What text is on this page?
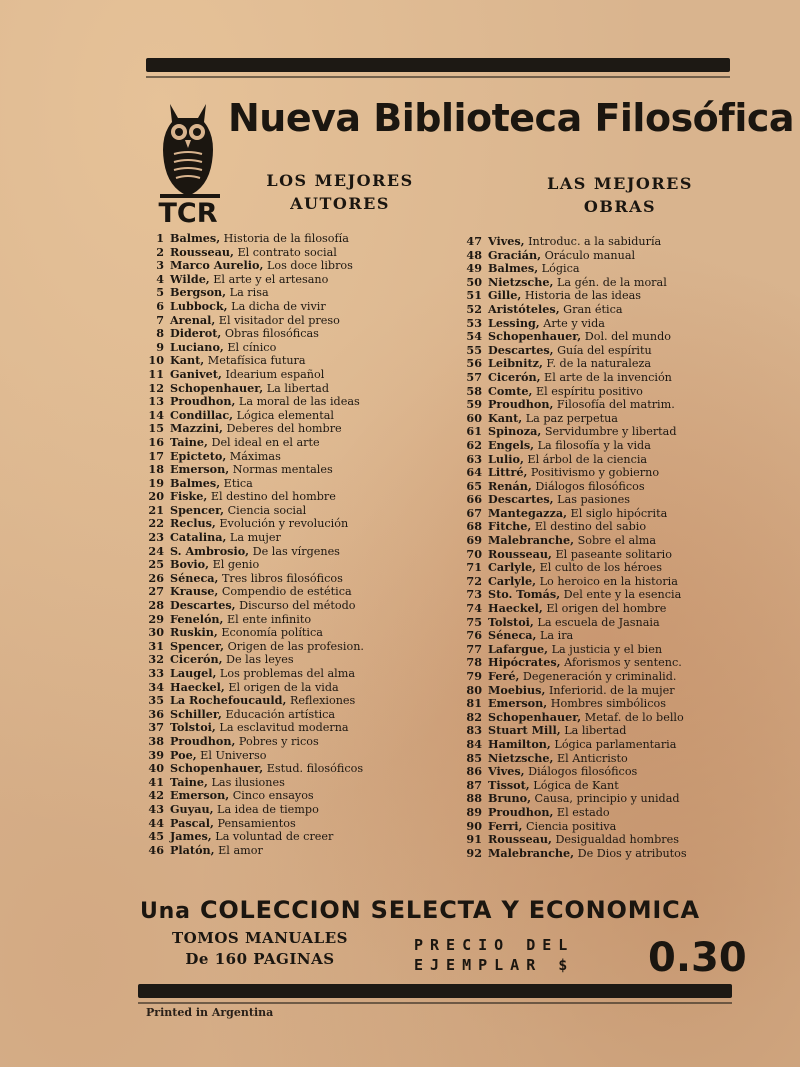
TCR
Nueva Biblioteca Filosófica
LOS MEJORES
AUTORES
LAS MEJORES
OBRAS
1 Balmes, Historia de la filosofía
2 Rousseau, El contrato social
3 Marco Aurelio, Los doce libros
4 Wilde, El arte y el artesano
5 Bergson, La risa
6 Lubbock, La dicha de vivir
7 Arenal, El visitador del preso
8 Diderot, Obras filosóficas
9 Luciano, El cínico
10 Kant, Metafísica futura
11 Ganivet, Idearium español
12 Schopenhauer, La libertad
13 Proudhon, La moral de las ideas
14 Condillac, Lógica elemental
15 Mazzini, Deberes del hombre
16 Taine, Del ideal en el arte
17 Epicteto, Máximas
18 Emerson, Normas mentales
19 Balmes, Etica
20 Fiske, El destino del hombre
21 Spencer, Ciencia social
22 Reclus, Evolución y revolución
23 Catalina, La mujer
24 S. Ambrosio, De las vírgenes
25 Bovio, El genio
26 Séneca, Tres libros filosóficos
27 Krause, Compendio de estética
28 Descartes, Discurso del método
29 Fenelón, El ente infinito
30 Ruskin, Economía política
31 Spencer, Origen de las profesion.
32 Cicerón, De las leyes
33 Laugel, Los problemas del alma
34 Haeckel, El origen de la vida
35 La Rochefoucauld, Reflexiones
36 Schiller, Educación artística
37 Tolstoi, La esclavitud moderna
38 Proudhon, Pobres y ricos
39 Poe, El Universo
40 Schopenhauer, Estud. filosóficos
41 Taine, Las ilusiones
42 Emerson, Cinco ensayos
43 Guyau, La idea de tiempo
44 Pascal, Pensamientos
45 James, La voluntad de creer
46 Platón, El amor
47 Vives, Introduc. a la sabiduría
48 Gracián, Oráculo manual
49 Balmes, Lógica
50 Nietzsche, La gén. de la moral
51 Gille, Historia de las ideas
52 Aristóteles, Gran ética
53 Lessing, Arte y vida
54 Schopenhauer, Dol. del mundo
55 Descartes, Guía del espíritu
56 Leibnitz, F. de la naturaleza
57 Cicerón, El arte de la invención
58 Comte, El espíritu positivo
59 Proudhon, Filosofía del matrim.
60 Kant, La paz perpetua
61 Spinoza, Servidumbre y libertad
62 Engels, La filosofía y la vida
63 Lulio, El árbol de la ciencia
64 Littré, Positivismo y gobierno
65 Renán, Diálogos filosóficos
66 Descartes, Las pasiones
67 Mantegazza, El siglo hipócrita
68 Fitche, El destino del sabio
69 Malebranche, Sobre el alma
70 Rousseau, El paseante solitario
71 Carlyle, El culto de los héroes
72 Carlyle, Lo heroico en la historia
73 Sto. Tomás, Del ente y la esencia
74 Haeckel, El origen del hombre
75 Tolstoi, La escuela de Jasnaia
76 Séneca, La ira
77 Lafargue, La justicia y el bien
78 Hipócrates, Aforismos y sentenc.
79 Feré, Degeneración y criminalid.
80 Moebius, Inferiorid. de la mujer
81 Emerson, Hombres simbólicos
82 Schopenhauer, Metaf. de lo bello
83 Stuart Mill, La libertad
84 Hamilton, Lógica parlamentaria
85 Nietzsche, El Anticristo
86 Vives, Diálogos filosóficos
87 Tissot, Lógica de Kant
88 Bruno, Causa, principio y unidad
89 Proudhon, El estado
90 Ferri, Ciencia positiva
91 Rousseau, Desigualdad hombres
92 Malebranche, De Dios y atributos
Una COLECCION SELECTA Y ECONOMICA
TOMOS MANUALES
De 160 PAGINAS
PRECIO DEL
EJEMPLAR $	0.30
Printed in Argentina
